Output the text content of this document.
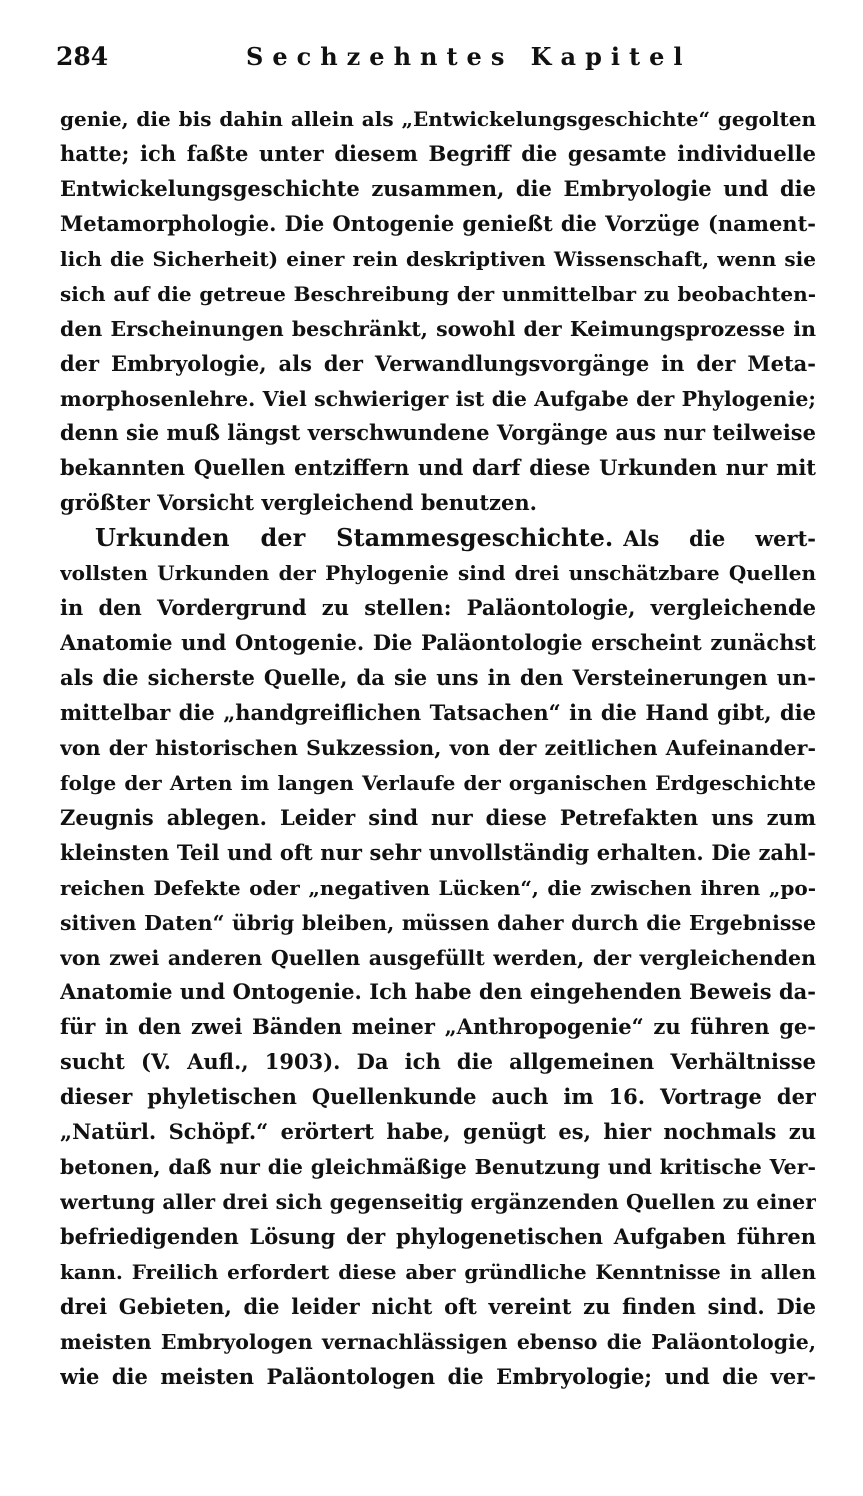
284	Sechzehntes Kapitel
genie, die bis dahin allein als „Entwickelungsgeschichte“ gegolten
hatte; ich faßte unter diesem Begriff die gesamte individuelle
Entwickelungsgeschichte zusammen, die Embryologie und die
Metamorphologie. Die Ontogenie genießt die Vorzüge (nament-
lich die Sicherheit) einer rein deskriptiven Wissenschaft, wenn sie
sich auf die getreue Beschreibung der unmittelbar zu beobachten-
den Erscheinungen beschränkt, sowohl der Keimungsprozesse in
der Embryologie, als der Verwandlungsvorgänge in der Meta-
morphosenlehre. Viel schwieriger ist die Aufgabe der Phylogenie;
denn sie muß längst verschwundene Vorgänge aus nur teilweise
bekannten Quellen entziffern und darf diese Urkunden nur mit
größter Vorsicht vergleichend benutzen.
Urkunden der Stammesgeschichte. Als die wert-
vollsten Urkunden der Phylogenie sind drei unschätzbare Quellen
in den Vordergrund zu stellen: Paläontologie, vergleichende
Anatomie und Ontogenie. Die Paläontologie erscheint zunächst
als die sicherste Quelle, da sie uns in den Versteinerungen un-
mittelbar die „handgreiflichen Tatsachen“ in die Hand gibt, die
von der historischen Sukzession, von der zeitlichen Aufeinander-
folge der Arten im langen Verlaufe der organischen Erdgeschichte
Zeugnis ablegen. Leider sind nur diese Petrefakten uns zum
kleinsten Teil und oft nur sehr unvollständig erhalten. Die zahl-
reichen Defekte oder „negativen Lücken“, die zwischen ihren „po-
sitiven Daten“ übrig bleiben, müssen daher durch die Ergebnisse
von zwei anderen Quellen ausgefüllt werden, der vergleichenden
Anatomie und Ontogenie. Ich habe den eingehenden Beweis da-
für in den zwei Bänden meiner „Anthropogenie“ zu führen ge-
sucht (V. Aufl., 1903). Da ich die allgemeinen Verhältnisse
dieser phyletischen Quellenkunde auch im 16. Vortrage der
„Natürl. Schöpf.“ erörtert habe, genügt es, hier nochmals zu
betonen, daß nur die gleichmäßige Benutzung und kritische Ver-
wertung aller drei sich gegenseitig ergänzenden Quellen zu einer
befriedigenden Lösung der phylogenetischen Aufgaben führen
kann. Freilich erfordert diese aber gründliche Kenntnisse in allen
drei Gebieten, die leider nicht oft vereint zu finden sind. Die
meisten Embryologen vernachlässigen ebenso die Paläontologie,
wie die meisten Paläontologen die Embryologie; und die ver-
